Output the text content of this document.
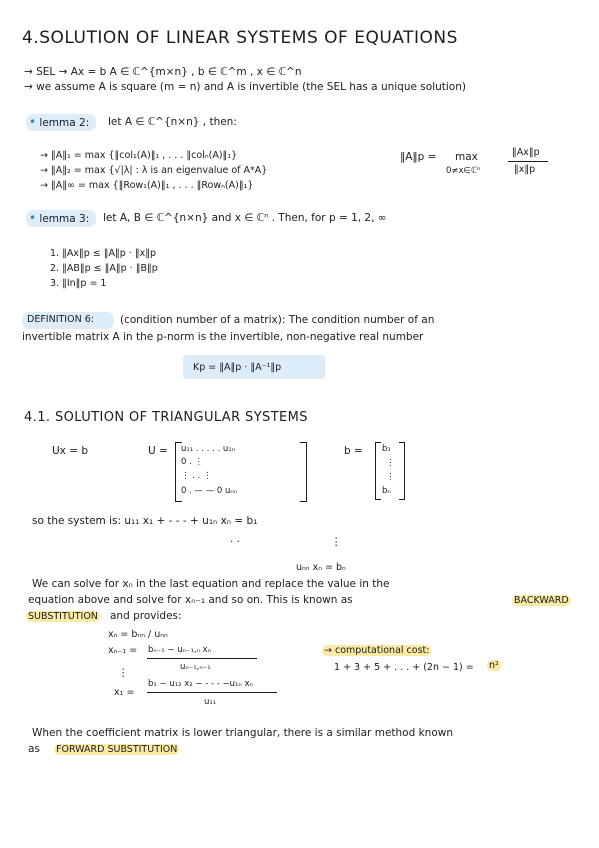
4.SOLUTION OF LINEAR SYSTEMS OF EQUATIONS
→ SEL → Ax = b A ∈ ℂ^{m×n} , b ∈ ℂ^m , x ∈ ℂ^n
→ we assume A is square (m = n) and A is invertible (the SEL has a unique solution)
• lemma 2: let A ∈ ℂ^{n×n} , then:
→ ‖A‖₁ = max {‖col₁(A)‖₁ , . . . ‖colₙ(A)‖₁}
→ ‖A‖₂ = max {√|λ| : λ is an eigenvalue of A*A}
→ ‖A‖∞ = max {‖Row₁(A)‖₁ , . . . ‖Rowₙ(A)‖₁}
‖A‖p = max
0≠x∈ℂⁿ
‖Ax‖p
‖x‖p
• lemma 3: let A, B ∈ ℂ^{n×n} and x ∈ ℂⁿ . Then, for p = 1, 2, ∞
1. ‖Ax‖p ≤ ‖A‖p · ‖x‖p
2. ‖AB‖p ≤ ‖A‖p · ‖B‖p
3. ‖In‖p = 1
DEFINITION 6: (condition number of a matrix): The condition number of an
invertible matrix A in the p-norm is the invertible, non-negative real number
Kp = ‖A‖p · ‖A⁻¹‖p
4.1. SOLUTION OF TRIANGULAR SYSTEMS
Ux = b	U = u₁₁ . . . . . u₁ₙ
0 . ⋮
⋮ . . ⋮
0 . — — 0 uₙₙ
b = b₁
⋮
⋮
bₙ
so the system is: u₁₁ x₁ + - - - + u₁ₙ xₙ = b₁
. .	⋮
uₙₙ xₙ = bₙ
We can solve for xₙ in the last equation and replace the value in the
equation above and solve for xₙ₋₁ and so on. This is known as	BACKWARD
SUBSTITUTION and provides:
xₙ = bₙₙ / uₙₙ
xₙ₋₁ = bₙ₋₁ − uₙ₋₁,ₙ xₙ
uₙ₋₁,ₙ₋₁
⋮
x₁ =
b₁ − u₁₂ x₂ − - - - −u₁ₙ xₙ
u₁₁
→ computational cost:
1 + 3 + 5 + . . . + (2n − 1) = n²
When the coefficient matrix is lower triangular, there is a similar method known
as FORWARD SUBSTITUTION
